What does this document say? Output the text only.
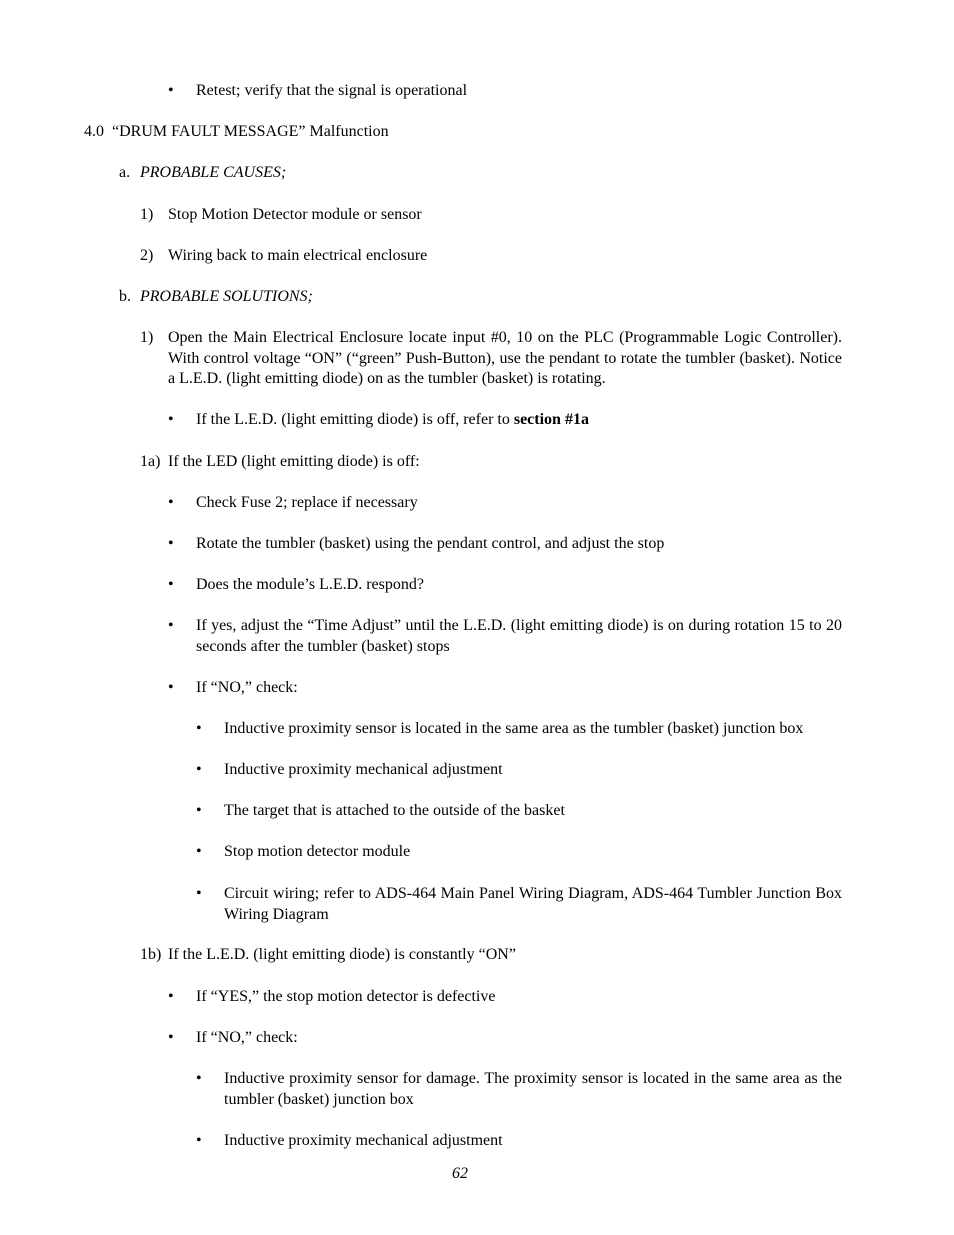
• Retest; verify that the signal is operational
4.0 “DRUM FAULT MESSAGE” Malfunction
a. PROBABLE CAUSES;
1) Stop Motion Detector module or sensor
2) Wiring back to main electrical enclosure
b. PROBABLE SOLUTIONS;
1) Open the Main Electrical Enclosure locate input #0, 10 on the PLC (Programmable Logic Controller). With control voltage “ON” (“green” Push-Button), use the pendant to rotate the tumbler (basket). Notice a L.E.D. (light emitting diode) on as the tumbler (basket) is rotating.
• If the L.E.D. (light emitting diode) is off, refer to section #1a
1a) If the LED (light emitting diode) is off:
• Check Fuse 2; replace if necessary
• Rotate the tumbler (basket) using the pendant control, and adjust the stop
• Does the module’s L.E.D. respond?
• If yes, adjust the “Time Adjust” until the L.E.D. (light emitting diode) is on during rotation 15 to 20 seconds after the tumbler (basket) stops
• If “NO,” check:
• Inductive proximity sensor is located in the same area as the tumbler (basket) junction box
• Inductive proximity mechanical adjustment
• The target that is attached to the outside of the basket
• Stop motion detector module
• Circuit wiring; refer to ADS-464 Main Panel Wiring Diagram, ADS-464 Tumbler Junction Box Wiring Diagram
1b) If the L.E.D. (light emitting diode) is constantly “ON”
• If “YES,” the stop motion detector is defective
• If “NO,” check:
• Inductive proximity sensor for damage. The proximity sensor is located in the same area as the tumbler (basket) junction box
• Inductive proximity mechanical adjustment
62
